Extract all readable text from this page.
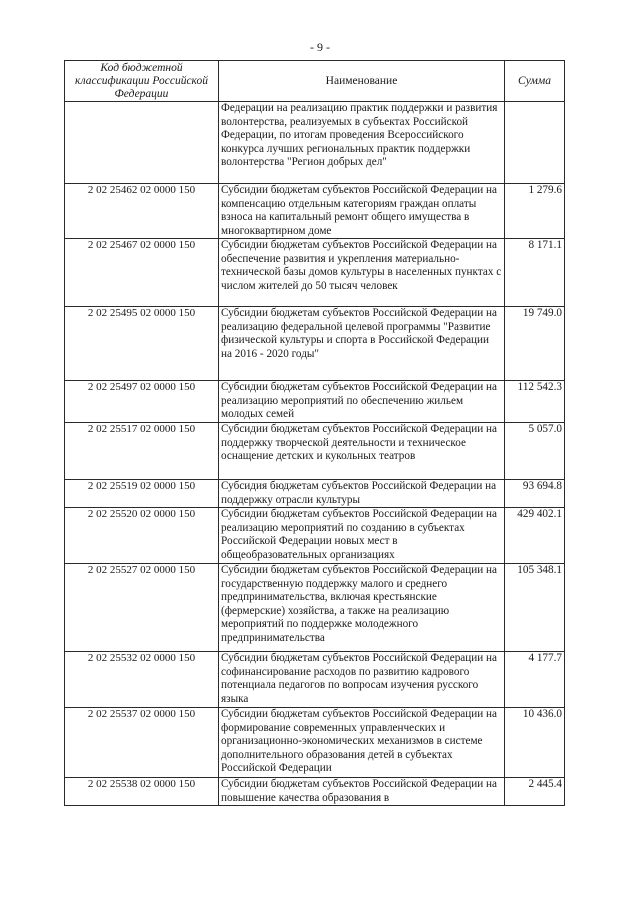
- 9 -
Код бюджетной классификации Российской Федерации	Наименование	Сумма
	Федерации на реализацию практик поддержки и развития волонтерства, реализуемых в субъектах Российской Федерации, по итогам проведения Всероссийского конкурса лучших региональных практик поддержки волонтерства "Регион добрых дел"	
2 02 25462 02 0000 150	Субсидии бюджетам субъектов Российской Федерации на компенсацию отдельным категориям граждан оплаты взноса на капитальный ремонт общего имущества в многоквартирном доме	1 279.6
2 02 25467 02 0000 150	Субсидии бюджетам субъектов Российской Федерации на обеспечение развития и укрепления материально-технической базы домов культуры в населенных пунктах с числом жителей до 50 тысяч человек	8 171.1
2 02 25495 02 0000 150	Субсидии бюджетам субъектов Российской Федерации на реализацию федеральной целевой программы "Развитие физической культуры и спорта в Российской Федерации на 2016 - 2020 годы"	19 749.0
2 02 25497 02 0000 150	Субсидии бюджетам субъектов Российской Федерации на реализацию мероприятий по обеспечению жильем молодых семей	112 542.3
2 02 25517 02 0000 150	Субсидии бюджетам субъектов Российской Федерации на поддержку творческой деятельности и техническое оснащение детских и кукольных театров	5 057.0
2 02 25519 02 0000 150	Субсидия бюджетам субъектов Российской Федерации на поддержку отрасли культуры	93 694.8
2 02 25520 02 0000 150	Субсидии бюджетам субъектов Российской Федерации на реализацию мероприятий по созданию в субъектах Российской Федерации новых мест в общеобразовательных организациях	429 402.1
2 02 25527 02 0000 150	Субсидии бюджетам субъектов Российской Федерации на государственную поддержку малого и среднего предпринимательства, включая крестьянские (фермерские) хозяйства, а также на реализацию мероприятий по поддержке молодежного предпринимательства	105 348.1
2 02 25532 02 0000 150	Субсидии бюджетам субъектов Российской Федерации на софинансирование расходов по развитию кадрового потенциала педагогов по вопросам изучения русского языка	4 177.7
2 02 25537 02 0000 150	Субсидии бюджетам субъектов Российской Федерации на формирование современных управленческих и организационно-экономических механизмов в системе дополнительного образования детей в субъектах Российской Федерации	10 436.0
2 02 25538 02 0000 150	Субсидии бюджетам субъектов Российской Федерации на повышение качества образования в	2 445.4
